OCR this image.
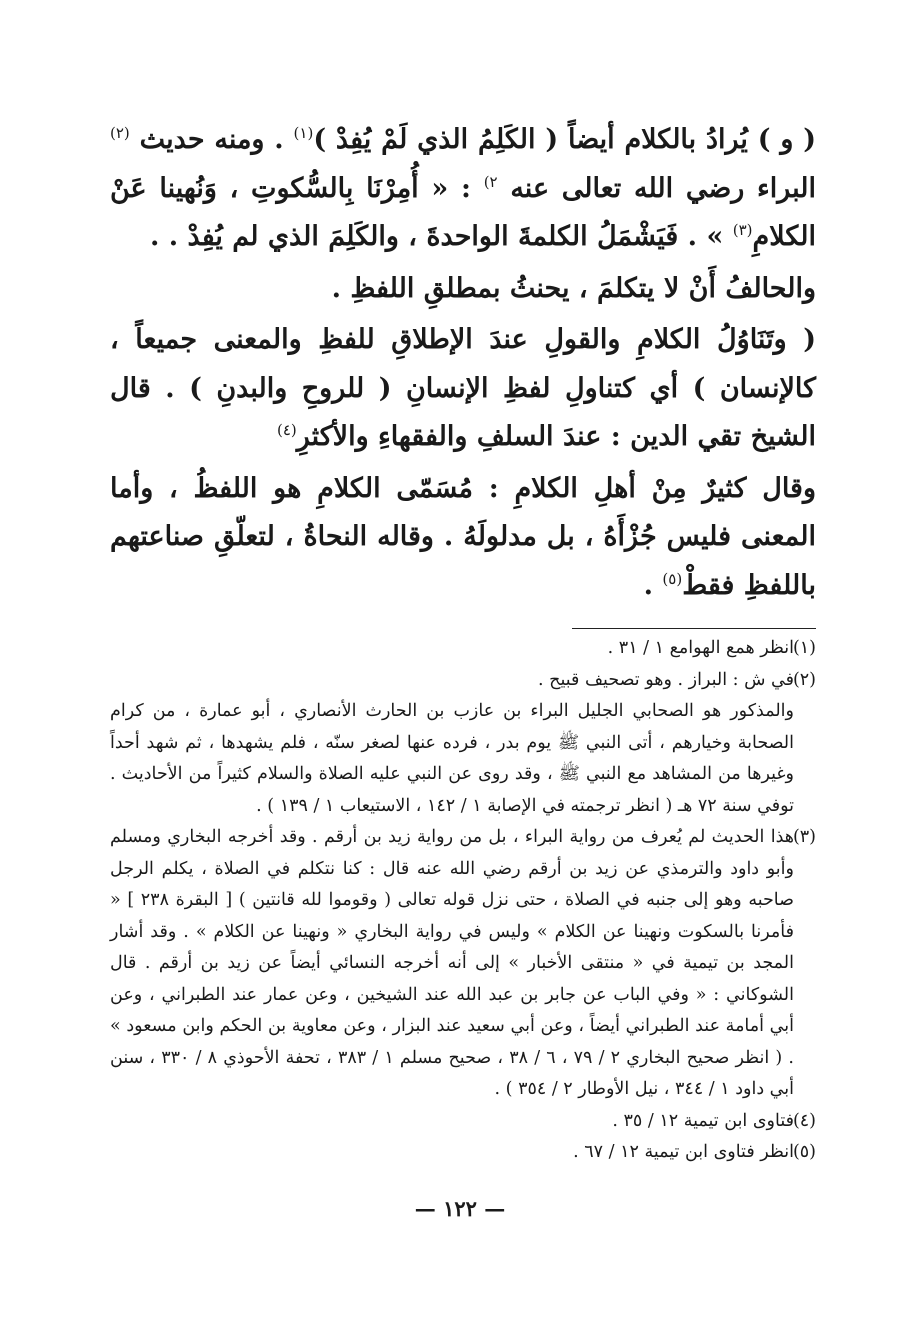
( و ) يُرادُ بالكلام أيضاً ( الكَلِمُ الذي لَمْ يُفِدْ )$^{(١)}$ . ومنه حديث $^{(٢)}$ البراء رضي الله تعالى عنه $^{٢)}$ : « أُمِرْنَا بِالسُّكوتِ ، وَنُهينا عَنْ الكلامِ$^{(٣)}$ » . فَيَشْمَلُ الكلمةَ الواحدةَ ، والكَلِمَ الذي لم يُفِدْ . .

والحالفُ أَنْ لا يتكلمَ ، يحنثُ بمطلقِ اللفظِ .

( وتَنَاوُلُ الكلامِ والقولِ عندَ الإطلاقِ للفظِ والمعنى جميعاً ، كالإنسان ) أي كتناولِ لفظِ الإنسانِ ( للروحِ والبدنِ ) . قال الشيخ تقي الدين : عندَ السلفِ والفقهاءِ والأكثرِ$^{(٤)}$

وقال كثيرٌ مِنْ أهلِ الكلامِ : مُسَمّى الكلامِ هو اللفظُ ، وأما المعنى فليس جُزْأَهُ ، بل مدلولَهُ . وقاله النحاةُ ، لتعلّقِ صناعتهم باللفظِ فقطْ$^{(٥)}$ .

(١)
انظر همع الهوامع ١ / ٣١ .
(٢)
في ش : البراز . وهو تصحيف قبيح .
والمذكور هو الصحابي الجليل البراء بن عازب بن الحارث الأنصاري ، أبو عمارة ، من كرام الصحابة وخيارهم ، أتى النبي ﷺ يوم بدر ، فرده عنها لصغر سنّه ، فلم يشهدها ، ثم شهد أحداً وغيرها من المشاهد مع النبي ﷺ ، وقد روى عن النبي عليه الصلاة والسلام كثيراً من الأحاديث . توفي سنة ٧٢ هـ ( انظر ترجمته في الإصابة ١ / ١٤٢ ، الاستيعاب ١ / ١٣٩ ) .
(٣)
هذا الحديث لم يُعرف من رواية البراء ، بل من رواية زيد بن أرقم . وقد أخرجه البخاري ومسلم وأبو داود والترمذي عن زيد بن أرقم رضي الله عنه قال : كنا نتكلم في الصلاة ، يكلم الرجل صاحبه وهو إلى جنبه في الصلاة ، حتى نزل قوله تعالى ( وقوموا لله قانتين ) [ البقرة ٢٣٨ ] « فأمرنا بالسكوت ونهينا عن الكلام » وليس في رواية البخاري « ونهينا عن الكلام » . وقد أشار المجد بن تيمية في « منتقى الأخبار » إلى أنه أخرجه النسائي أيضاً عن زيد بن أرقم . قال الشوكاني : « وفي الباب عن جابر بن عبد الله عند الشيخين ، وعن عمار عند الطبراني ، وعن أبي أمامة عند الطبراني أيضاً ، وعن أبي سعيد عند البزار ، وعن معاوية بن الحكم وابن مسعود » . ( انظر صحيح البخاري ٢ / ٧٩ ، ٦ / ٣٨ ، صحيح مسلم ١ / ٣٨٣ ، تحفة الأحوذي ٨ / ٣٣٠ ، سنن أبي داود ١ / ٣٤٤ ، نيل الأوطار ٢ / ٣٥٤ ) .
(٤)
فتاوى ابن تيمية ١٢ / ٣٥ .
(٥)
انظر فتاوى ابن تيمية ١٢ / ٦٧ .
— ١٢٢ —
